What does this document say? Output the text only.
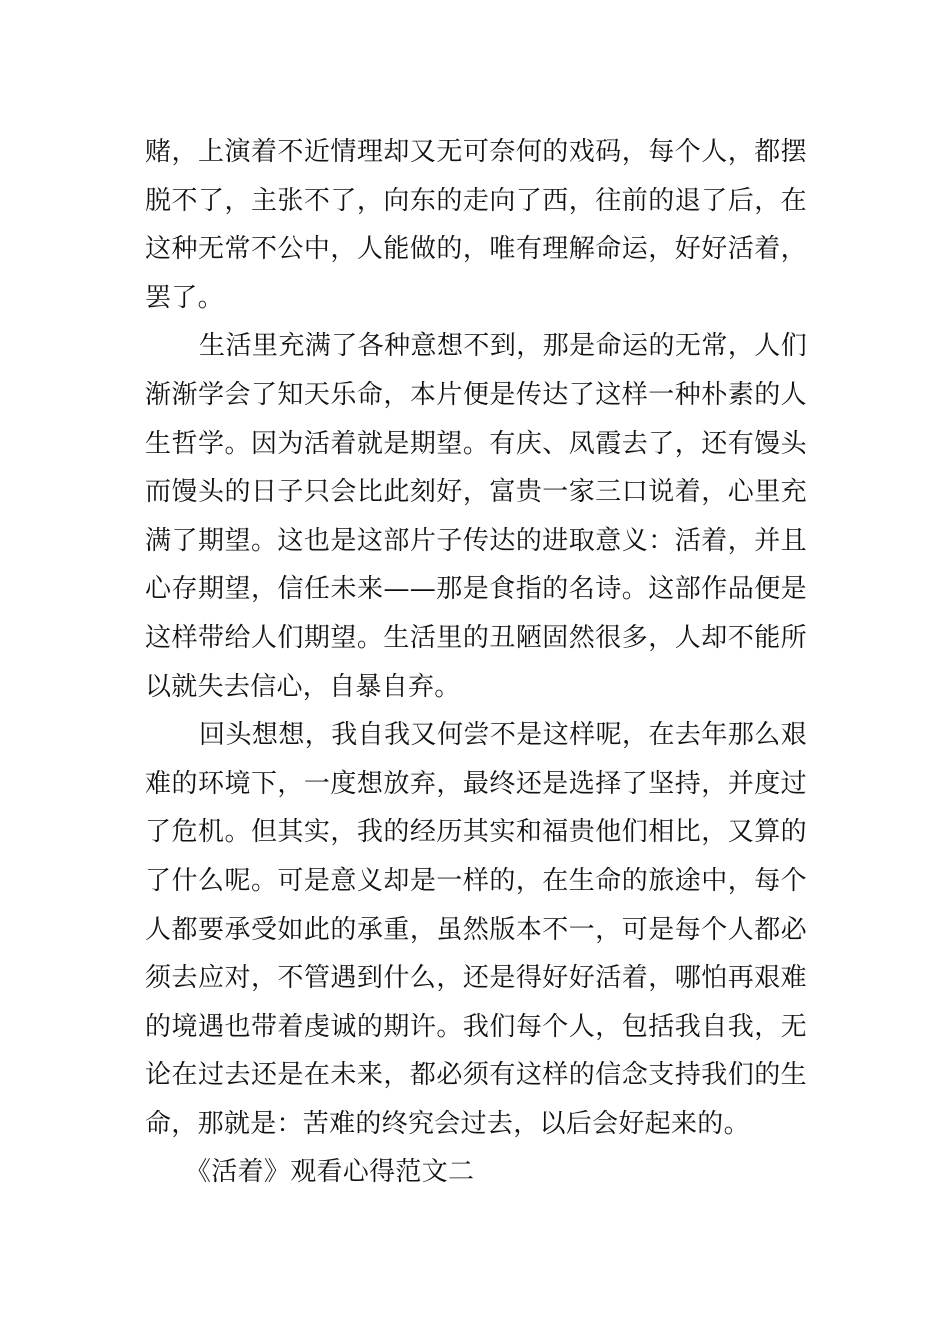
赌，上演着不近情理却又无可奈何的戏码，每个人，都摆脱不了，主张不了，向东的走向了西，往前的退了后，在这种无常不公中，人能做的，唯有理解命运，好好活着，罢了。

生活里充满了各种意想不到，那是命运的无常，人们渐渐学会了知天乐命，本片便是传达了这样一种朴素的人生哲学。因为活着就是期望。有庆、凤霞去了，还有馒头而馒头的日子只会比此刻好，富贵一家三口说着，心里充满了期望。这也是这部片子传达的进取意义：活着，并且心存期望，信任未来——那是食指的名诗。这部作品便是这样带给人们期望。生活里的丑陋固然很多，人却不能所以就失去信心，自暴自弃。

回头想想，我自我又何尝不是这样呢，在去年那么艰难的环境下，一度想放弃，最终还是选择了坚持，并度过了危机。但其实，我的经历其实和福贵他们相比，又算的了什么呢。可是意义却是一样的，在生命的旅途中，每个人都要承受如此的承重，虽然版本不一，可是每个人都必须去应对，不管遇到什么，还是得好好活着，哪怕再艰难的境遇也带着虔诚的期许。我们每个人，包括我自我，无论在过去还是在未来，都必须有这样的信念支持我们的生命，那就是：苦难的终究会过去，以后会好起来的。

《活着》观看心得范文二
